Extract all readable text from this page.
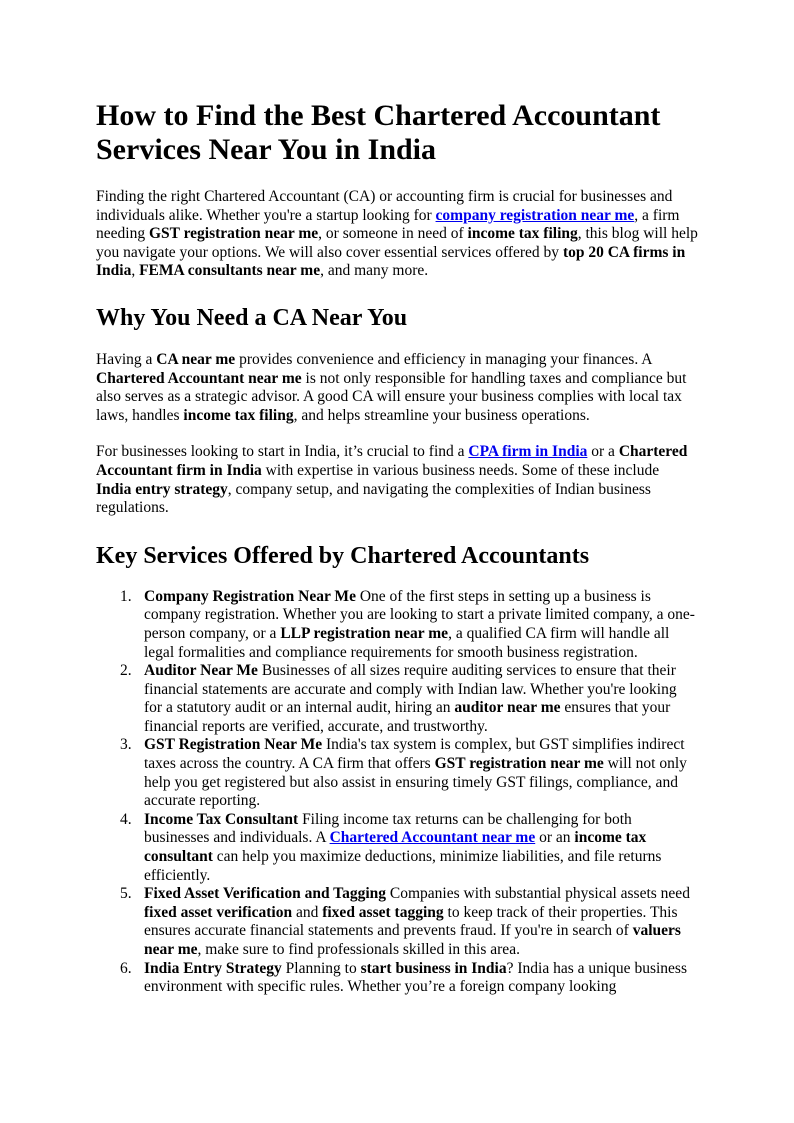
How to Find the Best Chartered Accountant Services Near You in India

Finding the right Chartered Accountant (CA) or accounting firm is crucial for businesses and individuals alike. Whether you're a startup looking for company registration near me, a firm needing GST registration near me, or someone in need of income tax filing, this blog will help you navigate your options. We will also cover essential services offered by top 20 CA firms in India, FEMA consultants near me, and many more.

Why You Need a CA Near You

Having a CA near me provides convenience and efficiency in managing your finances. A Chartered Accountant near me is not only responsible for handling taxes and compliance but also serves as a strategic advisor. A good CA will ensure your business complies with local tax laws, handles income tax filing, and helps streamline your business operations.

For businesses looking to start in India, it’s crucial to find a CPA firm in India or a Chartered Accountant firm in India with expertise in various business needs. Some of these include India entry strategy, company setup, and navigating the complexities of Indian business regulations.

Key Services Offered by Chartered Accountants
1. Company Registration Near Me One of the first steps in setting up a business is company registration. Whether you are looking to start a private limited company, a one-person company, or a LLP registration near me, a qualified CA firm will handle all legal formalities and compliance requirements for smooth business registration.
2. Auditor Near Me Businesses of all sizes require auditing services to ensure that their financial statements are accurate and comply with Indian law. Whether you're looking for a statutory audit or an internal audit, hiring an auditor near me ensures that your financial reports are verified, accurate, and trustworthy.
3. GST Registration Near Me India's tax system is complex, but GST simplifies indirect taxes across the country. A CA firm that offers GST registration near me will not only help you get registered but also assist in ensuring timely GST filings, compliance, and accurate reporting.
4. Income Tax Consultant Filing income tax returns can be challenging for both businesses and individuals. A Chartered Accountant near me or an income tax consultant can help you maximize deductions, minimize liabilities, and file returns efficiently.
5. Fixed Asset Verification and Tagging Companies with substantial physical assets need fixed asset verification and fixed asset tagging to keep track of their properties. This ensures accurate financial statements and prevents fraud. If you're in search of valuers near me, make sure to find professionals skilled in this area.
6. India Entry Strategy Planning to start business in India? India has a unique business environment with specific rules. Whether you’re a foreign company looking
